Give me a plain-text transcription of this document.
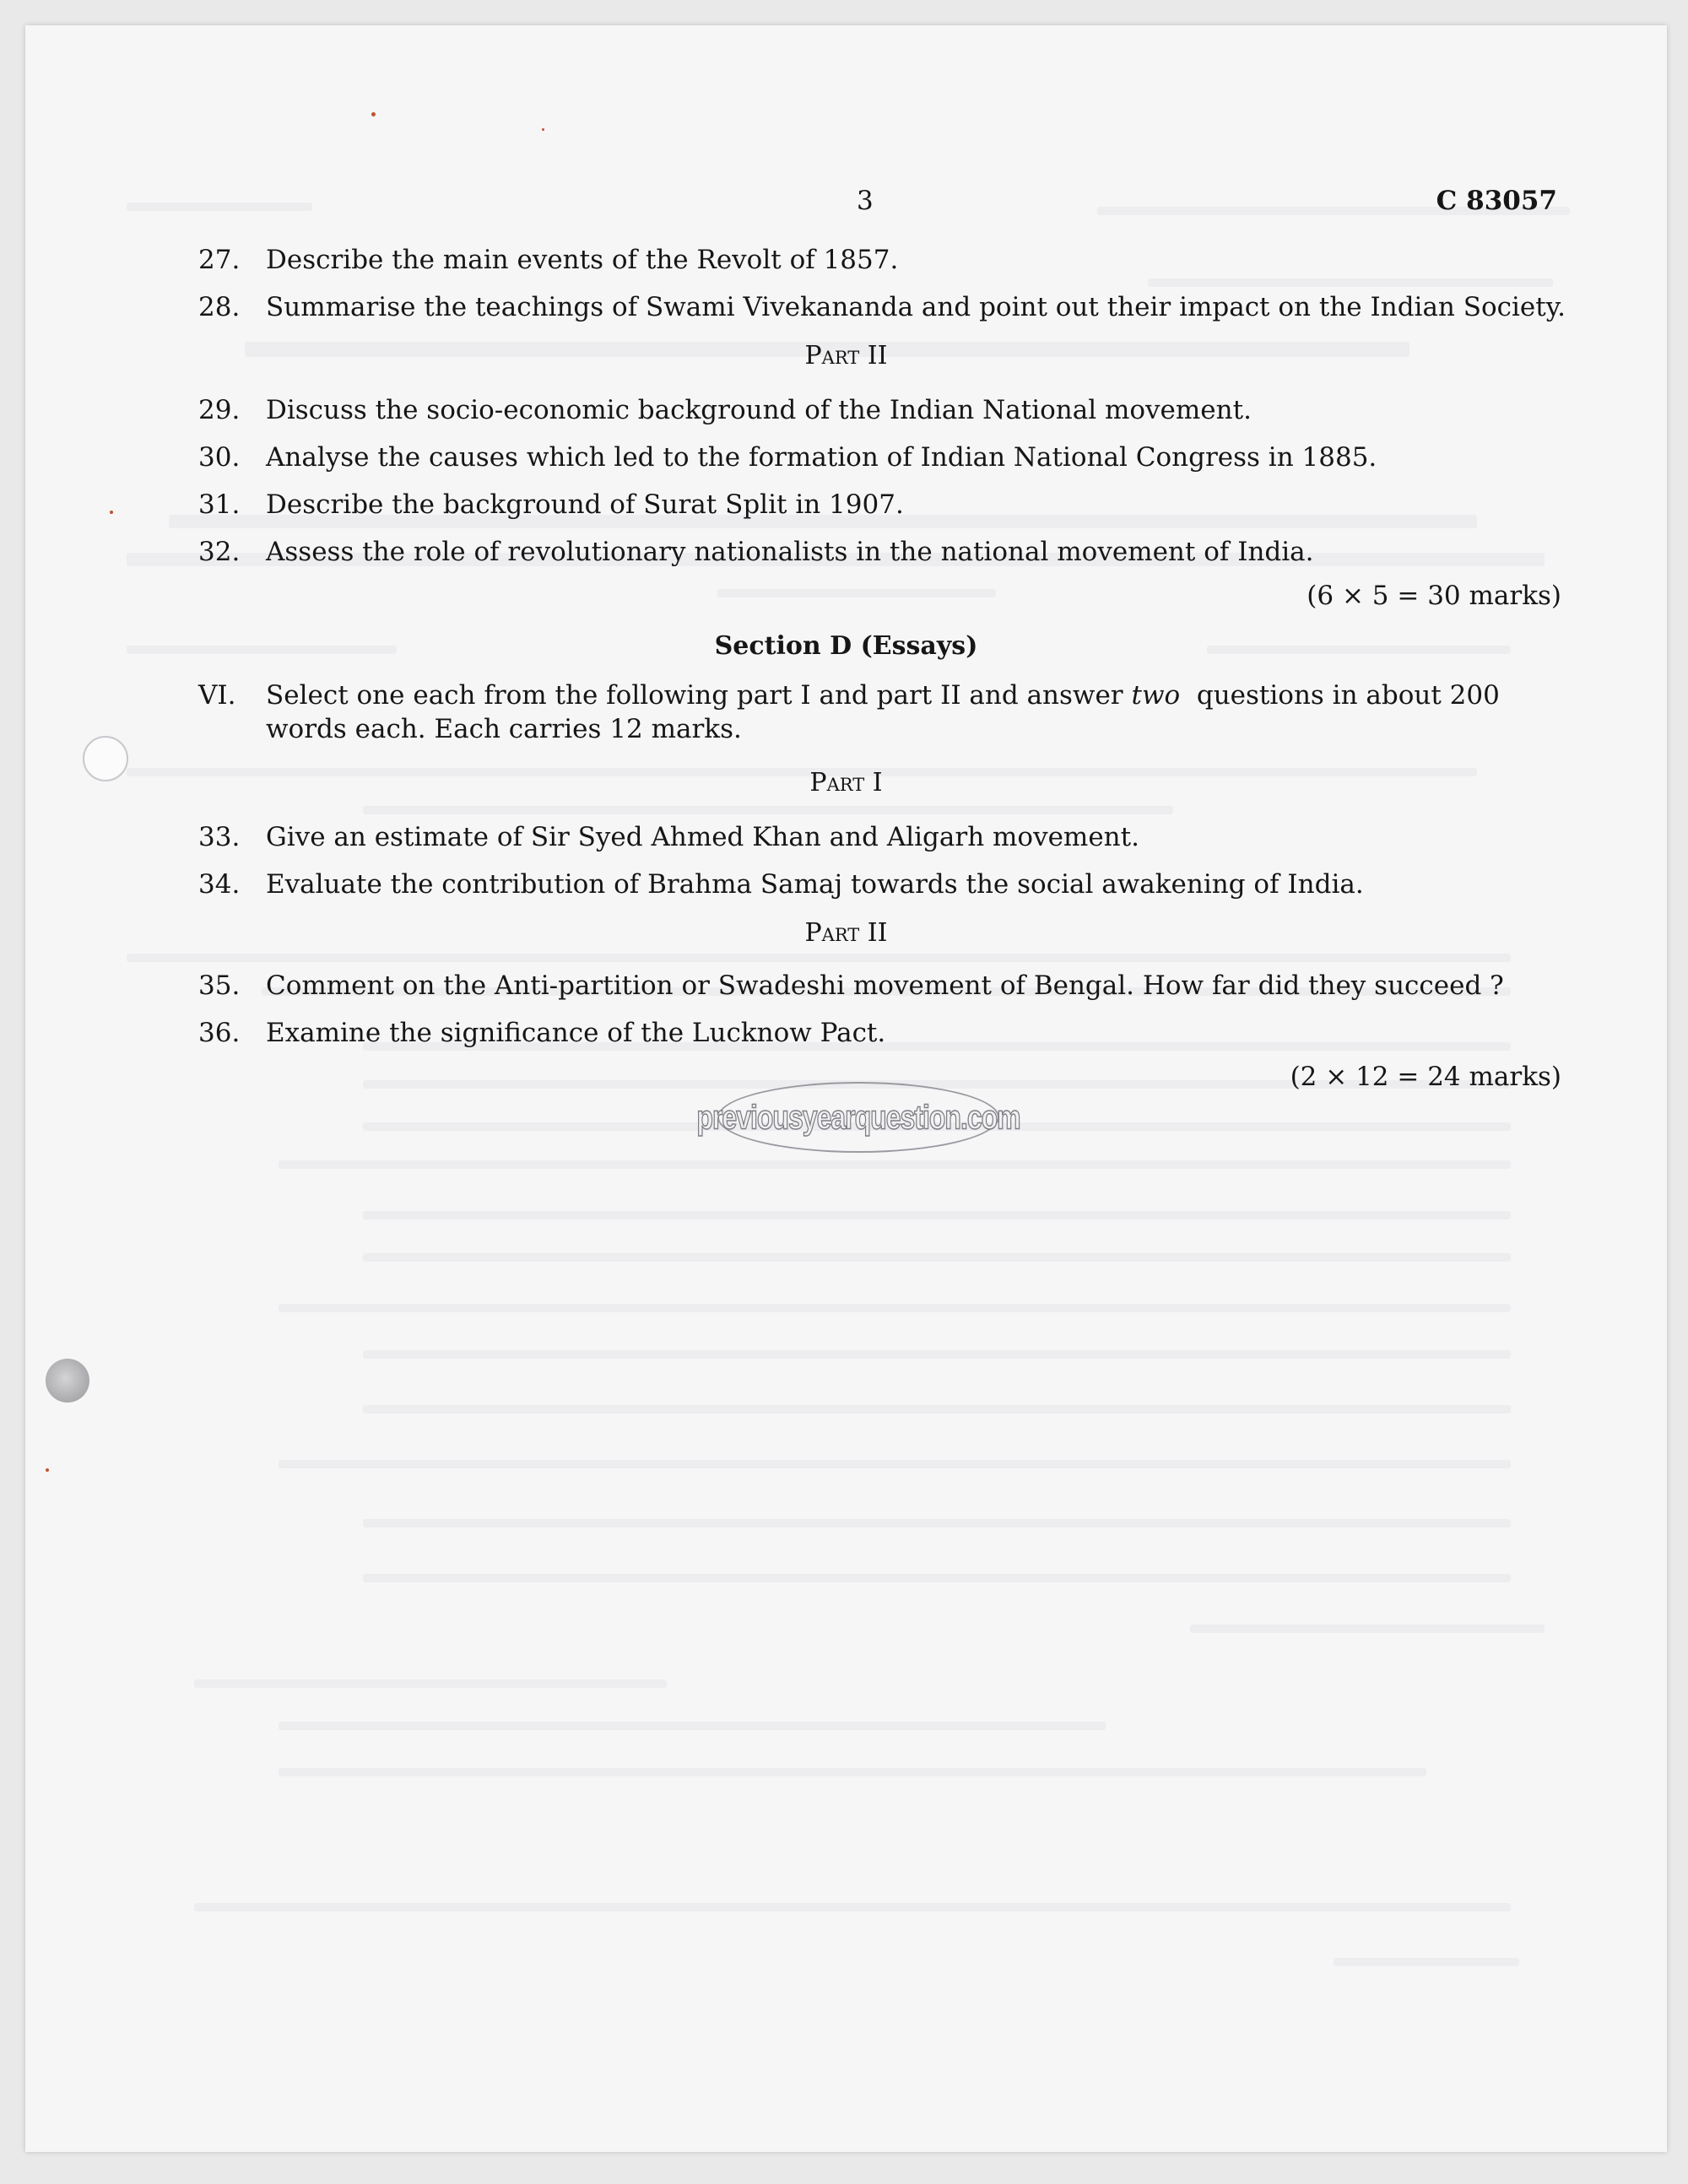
3	C 83057
27. Describe the main events of the Revolt of 1857.
28. Summarise the teachings of Swami Vivekananda and point out their impact on the Indian Society.
Part II
29. Discuss the socio-economic background of the Indian National movement.
30. Analyse the causes which led to the formation of Indian National Congress in 1885.
31. Describe the background of Surat Split in 1907.
32. Assess the role of revolutionary nationalists in the national movement of India.
(6 × 5 = 30 marks)
Section D (Essays)
VI.	Select one each from the following part I and part II and answer two  questions in about 200 words each. Each carries 12 marks.
Part I
33. Give an estimate of Sir Syed Ahmed Khan and Aligarh movement.
34. Evaluate the contribution of Brahma Samaj towards the social awakening of India.
Part II
35. Comment on the Anti-partition or Swadeshi movement of Bengal. How far did they succeed ?
36. Examine the significance of the Lucknow Pact.
(2 × 12 = 24 marks)
previousyearquestion.com
